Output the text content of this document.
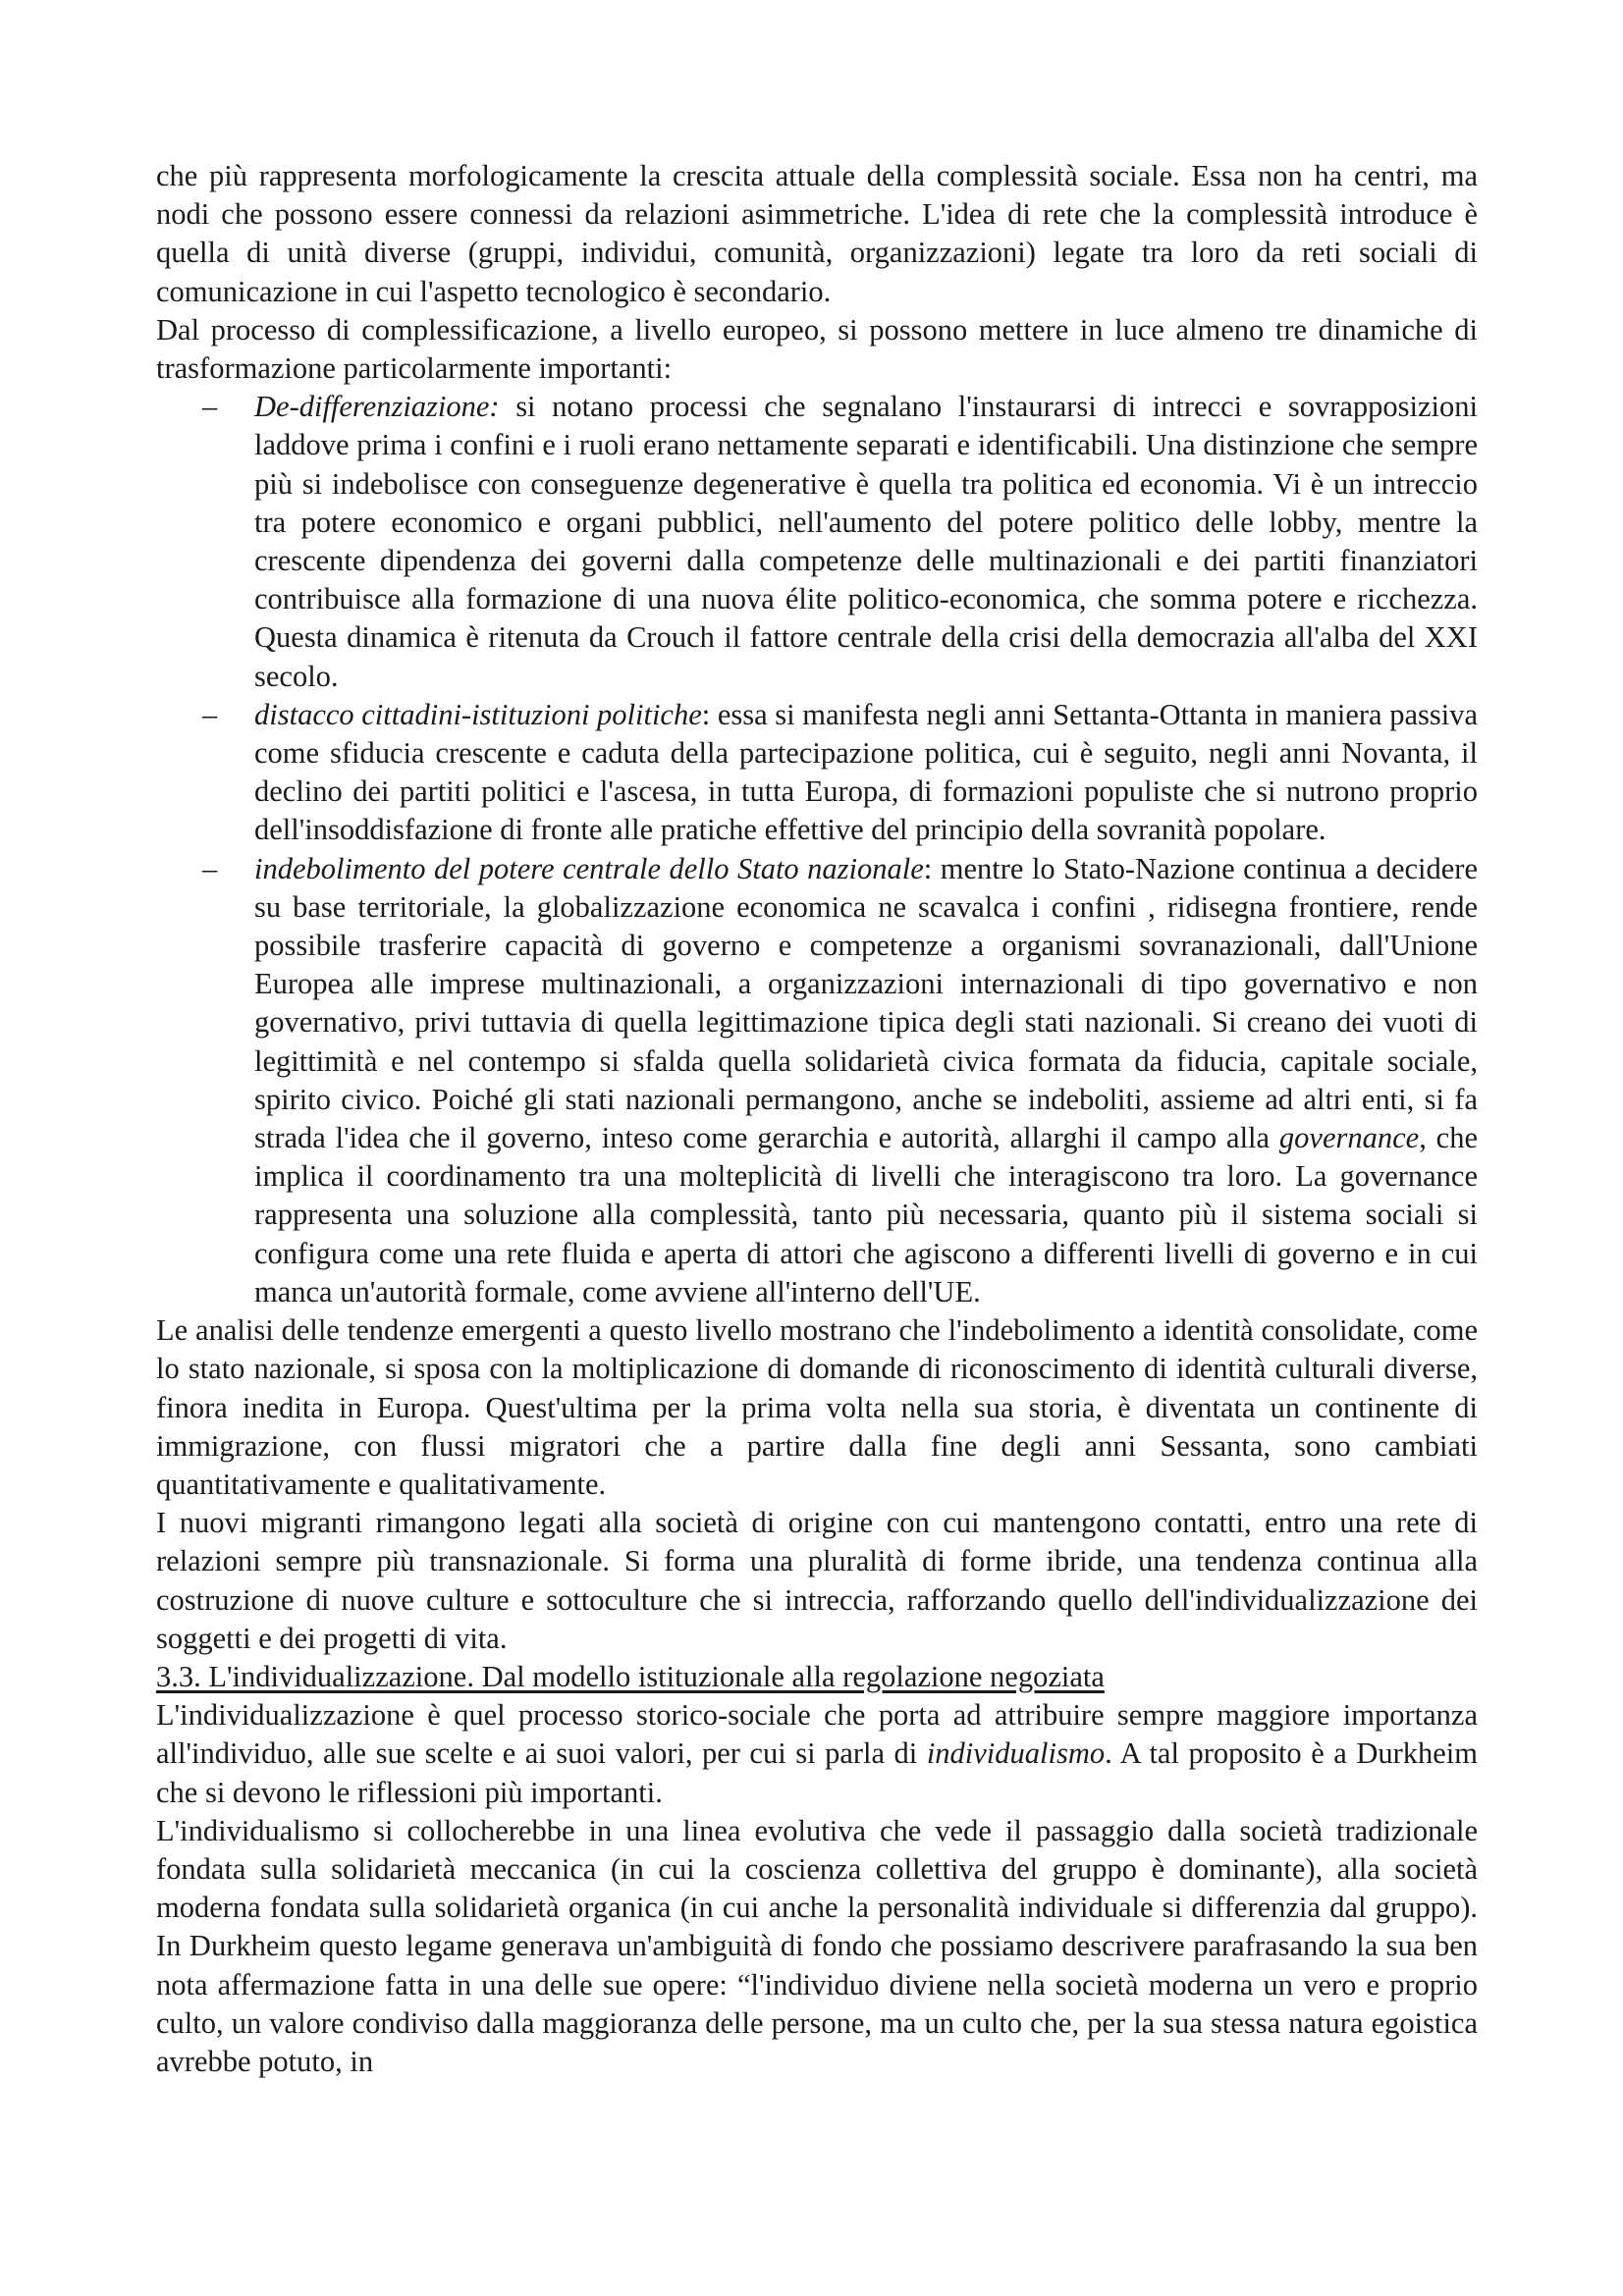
che più rappresenta morfologicamente la crescita attuale della complessità sociale. Essa non ha centri, ma nodi che possono essere connessi da relazioni asimmetriche. L'idea di rete che la complessità introduce è quella di unità diverse (gruppi, individui, comunità, organizzazioni) legate tra loro da reti sociali di comunicazione in cui l'aspetto tecnologico è secondario.

Dal processo di complessificazione, a livello europeo, si possono mettere in luce almeno tre dinamiche di trasformazione particolarmente importanti:

– De-differenziazione: si notano processi che segnalano l'instaurarsi di intrecci e sovrapposizioni laddove prima i confini e i ruoli erano nettamente separati e identificabili. Una distinzione che sempre più si indebolisce con conseguenze degenerative è quella tra politica ed economia. Vi è un intreccio tra potere economico e organi pubblici, nell'aumento del potere politico delle lobby, mentre la crescente dipendenza dei governi dalla competenze delle multinazionali e dei partiti finanziatori contribuisce alla formazione di una nuova élite politico-economica, che somma potere e ricchezza. Questa dinamica è ritenuta da Crouch il fattore centrale della crisi della democrazia all'alba del XXI secolo.
– distacco cittadini-istituzioni politiche: essa si manifesta negli anni Settanta-Ottanta in maniera passiva come sfiducia crescente e caduta della partecipazione politica, cui è seguito, negli anni Novanta, il declino dei partiti politici e l'ascesa, in tutta Europa, di formazioni populiste che si nutrono proprio dell'insoddisfazione di fronte alle pratiche effettive del principio della sovranità popolare.
– indebolimento del potere centrale dello Stato nazionale: mentre lo Stato-Nazione continua a decidere su base territoriale, la globalizzazione economica ne scavalca i confini , ridisegna frontiere, rende possibile trasferire capacità di governo e competenze a organismi sovranazionali, dall'Unione Europea alle imprese multinazionali, a organizzazioni internazionali di tipo governativo e non governativo, privi tuttavia di quella legittimazione tipica degli stati nazionali. Si creano dei vuoti di legittimità e nel contempo si sfalda quella solidarietà civica formata da fiducia, capitale sociale, spirito civico. Poiché gli stati nazionali permangono, anche se indeboliti, assieme ad altri enti, si fa strada l'idea che il governo, inteso come gerarchia e autorità, allarghi il campo alla governance, che implica il coordinamento tra una molteplicità di livelli che interagiscono tra loro. La governance rappresenta una soluzione alla complessità, tanto più necessaria, quanto più il sistema sociali si configura come una rete fluida e aperta di attori che agiscono a differenti livelli di governo e in cui manca un'autorità formale, come avviene all'interno dell'UE.

Le analisi delle tendenze emergenti a questo livello mostrano che l'indebolimento a identità consolidate, come lo stato nazionale, si sposa con la moltiplicazione di domande di riconoscimento di identità culturali diverse, finora inedita in Europa. Quest'ultima per la prima volta nella sua storia, è diventata un continente di immigrazione, con flussi migratori che a partire dalla fine degli anni Sessanta, sono cambiati quantitativamente e qualitativamente.

I nuovi migranti rimangono legati alla società di origine con cui mantengono contatti, entro una rete di relazioni sempre più transnazionale. Si forma una pluralità di forme ibride, una tendenza continua alla costruzione di nuove culture e sottoculture che si intreccia, rafforzando quello dell'individualizzazione dei soggetti e dei progetti di vita.

3.3. L'individualizzazione. Dal modello istituzionale alla regolazione negoziata

L'individualizzazione è quel processo storico-sociale che porta ad attribuire sempre maggiore importanza all'individuo, alle sue scelte e ai suoi valori, per cui si parla di individualismo. A tal proposito è a Durkheim che si devono le riflessioni più importanti.

L'individualismo si collocherebbe in una linea evolutiva che vede il passaggio dalla società tradizionale fondata sulla solidarietà meccanica (in cui la coscienza collettiva del gruppo è dominante), alla società moderna fondata sulla solidarietà organica (in cui anche la personalità individuale si differenzia dal gruppo). In Durkheim questo legame generava un'ambiguità di fondo che possiamo descrivere parafrasando la sua ben nota affermazione fatta in una delle sue opere: “l'individuo diviene nella società moderna un vero e proprio culto, un valore condiviso dalla maggioranza delle persone, ma un culto che, per la sua stessa natura egoistica avrebbe potuto, in
